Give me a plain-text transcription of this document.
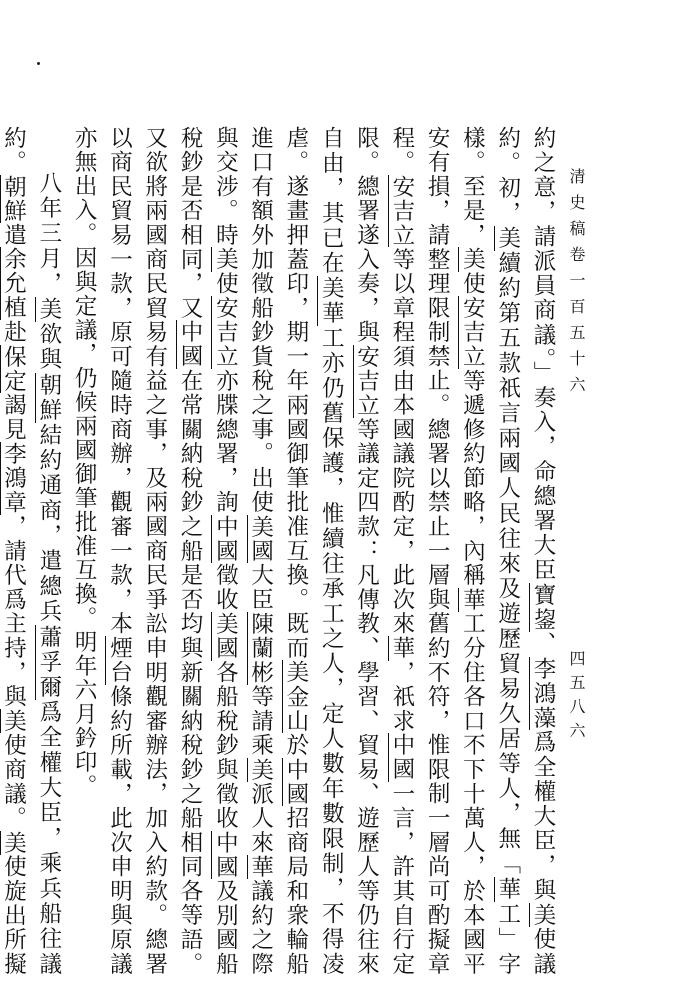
清史稿卷一百五十六
四五八六

約之意，請派員商議。」奏入，命總署大臣寶鋆、李鴻藻爲全權大臣，與美使議約。初，美續約第五款祇言兩國人民往來及遊歷貿易久居等人，無「華工」字樣。至是，美使安吉立等遞修約節略，內稱華工分住各口不下十萬人，於本國平安有損，請整理限制禁止。總署以禁止一層與舊約不符，惟限制一層尚可酌擬章程。安吉立等以章程須由本國議院酌定，此次來華，祇求中國一言，許其自行定限。總署遂入奏，與安吉立等議定四款：凡傳教、學習、貿易、遊歷人等仍往來自由，其已在美華工亦仍舊保護，惟續往承工之人，定人數年數限制，不得凌虐。遂畫押蓋印，期一年兩國御筆批准互換。既而美金山於中國招商局和衆輪船進口有額外加徵船鈔貨稅之事。出使美國大臣陳蘭彬等請乘美派人來華議約之際與交涉。時美使安吉立亦牒總署，詢中國徵收美國各船稅鈔與徵收中國及別國船稅鈔是否相同，又中國在常關納稅鈔之船是否均與新關納稅鈔之船相同各等語。又欲將兩國商民貿易有益之事，及兩國商民爭訟申明觀審辦法，加入約款。總署以商民貿易一款，原可隨時商辦，觀審一款，本煙台條約所載，此次申明與原議亦無出入。因與定議，仍候兩國御筆批准互換。明年六月鈐印。

八年三月，美欲與朝鮮結約通商，遣總兵蕭孚爾爲全權大臣，乘兵船往議約。朝鮮遣余允植赴保定謁見李鴻章，請代爲主持，與美使商議。美使旋出所擬
